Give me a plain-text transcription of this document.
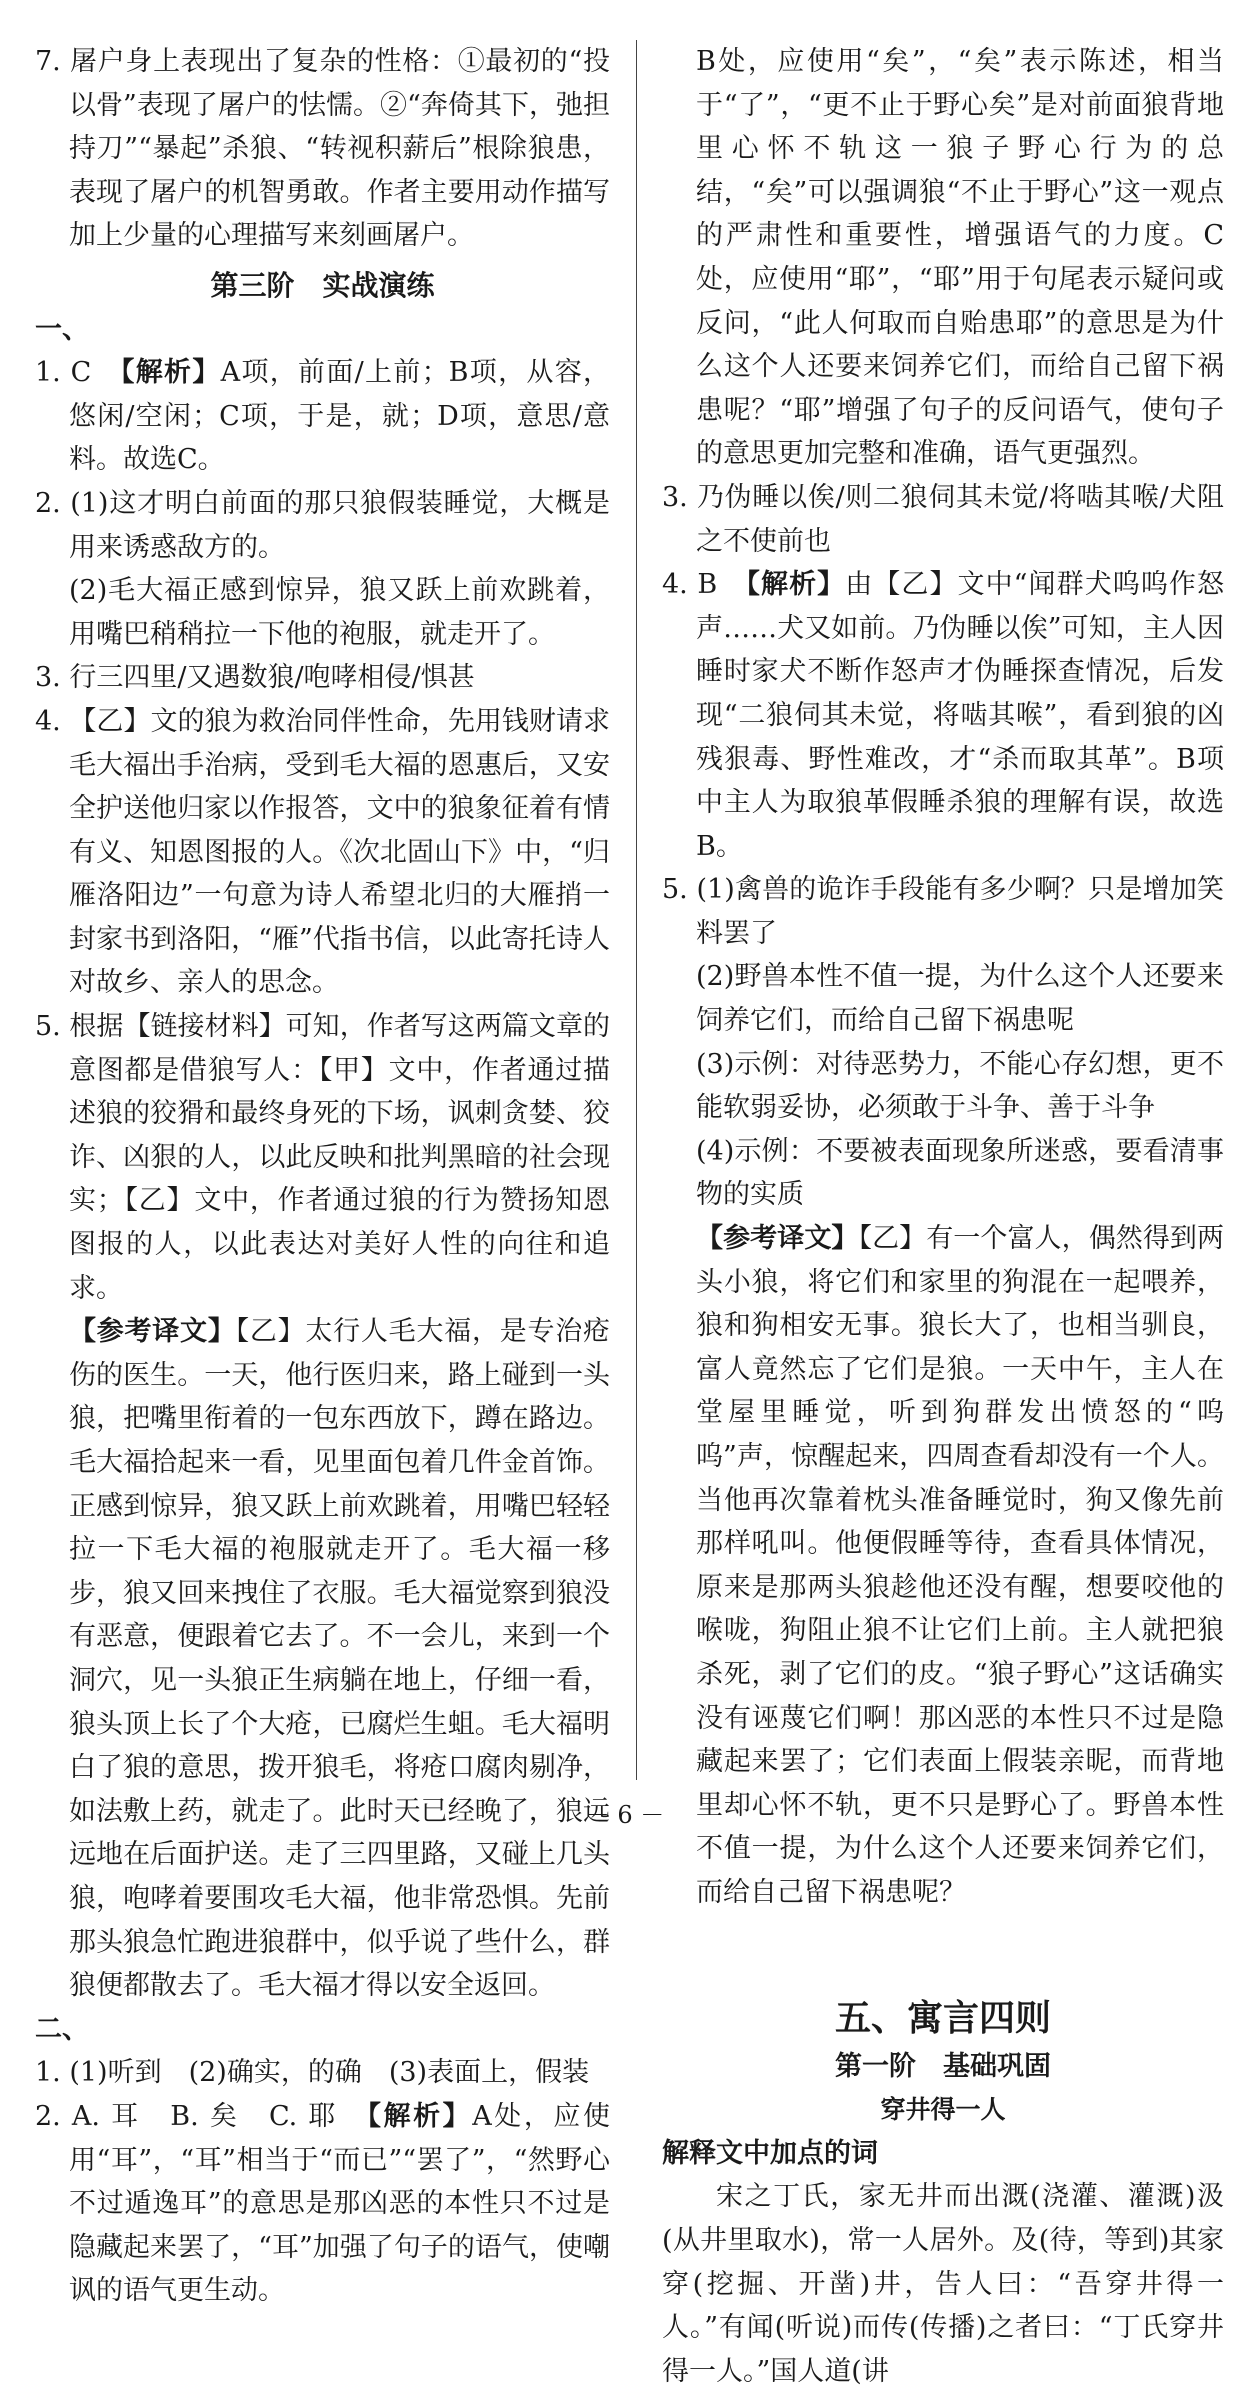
7. 屠户身上表现出了复杂的性格：①最初的“投以骨”表现了屠户的怯懦。②“奔倚其下，弛担持刀”“暴起”杀狼、“转视积薪后”根除狼患，表现了屠户的机智勇敢。作者主要用动作描写加上少量的心理描写来刻画屠户。

第三阶　实战演练

一、

1. C　【解析】A项，前面/上前；B项，从容，悠闲/空闲；C项，于是，就；D项，意思/意料。故选C。

2. (1)这才明白前面的那只狼假装睡觉，大概是用来诱惑敌方的。

(2)毛大福正感到惊异，狼又跃上前欢跳着，用嘴巴稍稍拉一下他的袍服，就走开了。

3. 行三四里/又遇数狼/咆哮相侵/惧甚

4. 【乙】文的狼为救治同伴性命，先用钱财请求毛大福出手治病，受到毛大福的恩惠后，又安全护送他归家以作报答，文中的狼象征着有情有义、知恩图报的人。《次北固山下》中，“归雁洛阳边”一句意为诗人希望北归的大雁捎一封家书到洛阳，“雁”代指书信，以此寄托诗人对故乡、亲人的思念。

5. 根据【链接材料】可知，作者写这两篇文章的意图都是借狼写人：【甲】文中，作者通过描述狼的狡猾和最终身死的下场，讽刺贪婪、狡诈、凶狠的人，以此反映和批判黑暗的社会现实；【乙】文中，作者通过狼的行为赞扬知恩图报的人，以此表达对美好人性的向往和追求。

【参考译文】【乙】太行人毛大福，是专治疮伤的医生。一天，他行医归来，路上碰到一头狼，把嘴里衔着的一包东西放下，蹲在路边。毛大福拾起来一看，见里面包着几件金首饰。正感到惊异，狼又跃上前欢跳着，用嘴巴轻轻拉一下毛大福的袍服就走开了。毛大福一移步，狼又回来拽住了衣服。毛大福觉察到狼没有恶意，便跟着它去了。不一会儿，来到一个洞穴，见一头狼正生病躺在地上，仔细一看，狼头顶上长了个大疮，已腐烂生蛆。毛大福明白了狼的意思，拨开狼毛，将疮口腐肉剔净，如法敷上药，就走了。此时天已经晚了，狼远远地在后面护送。走了三四里路，又碰上几头狼，咆哮着要围攻毛大福，他非常恐惧。先前那头狼急忙跑进狼群中，似乎说了些什么，群狼便都散去了。毛大福才得以安全返回。

二、

1. (1)听到　(2)确实，的确　(3)表面上，假装

2. A. 耳　B. 矣　C. 耶　【解析】A处，应使用“耳”，“耳”相当于“而已”“罢了”，“然野心不过遁逸耳”的意思是那凶恶的本性只不过是隐藏起来罢了，“耳”加强了句子的语气，使嘲讽的语气更生动。

B处，应使用“矣”，“矣”表示陈述，相当于“了”，“更不止于野心矣”是对前面狼背地里心怀不轨这一狼子野心行为的总结，“矣”可以强调狼“不止于野心”这一观点的严肃性和重要性，增强语气的力度。C处，应使用“耶”，“耶”用于句尾表示疑问或反问，“此人何取而自贻患耶”的意思是为什么这个人还要来饲养它们，而给自己留下祸患呢？“耶”增强了句子的反问语气，使句子的意思更加完整和准确，语气更强烈。

3. 乃伪睡以俟/则二狼伺其未觉/将啮其喉/犬阻之不使前也

4. B　【解析】由【乙】文中“闻群犬呜呜作怒声……犬又如前。乃伪睡以俟”可知，主人因睡时家犬不断作怒声才伪睡探查情况，后发现“二狼伺其未觉，将啮其喉”，看到狼的凶残狠毒、野性难改，才“杀而取其革”。B项中主人为取狼革假睡杀狼的理解有误，故选B。

5. (1)禽兽的诡诈手段能有多少啊？只是增加笑料罢了

(2)野兽本性不值一提，为什么这个人还要来饲养它们，而给自己留下祸患呢

(3)示例：对待恶势力，不能心存幻想，更不能软弱妥协，必须敢于斗争、善于斗争

(4)示例：不要被表面现象所迷惑，要看清事物的实质

【参考译文】【乙】有一个富人，偶然得到两头小狼，将它们和家里的狗混在一起喂养，狼和狗相安无事。狼长大了，也相当驯良，富人竟然忘了它们是狼。一天中午，主人在堂屋里睡觉，听到狗群发出愤怒的“呜呜”声，惊醒起来，四周查看却没有一个人。当他再次靠着枕头准备睡觉时，狗又像先前那样吼叫。他便假睡等待，查看具体情况，原来是那两头狼趁他还没有醒，想要咬他的喉咙，狗阻止狼不让它们上前。主人就把狼杀死，剥了它们的皮。“狼子野心”这话确实没有诬蔑它们啊！那凶恶的本性只不过是隐藏起来罢了；它们表面上假装亲昵，而背地里却心怀不轨，更不只是野心了。野兽本性不值一提，为什么这个人还要来饲养它们，而给自己留下祸患呢？

五、寓言四则

第一阶　基础巩固

穿井得一人

解释文中加点的词

宋之丁氏，家无井而出溉(浇灌、灌溉)汲(从井里取水)，常一人居外。及(待，等到)其家穿(挖掘、开凿)井，告人曰：“吾穿井得一人。”有闻(听说)而传(传播)之者曰：“丁氏穿井得一人。”国人道(讲

－ 6 －
